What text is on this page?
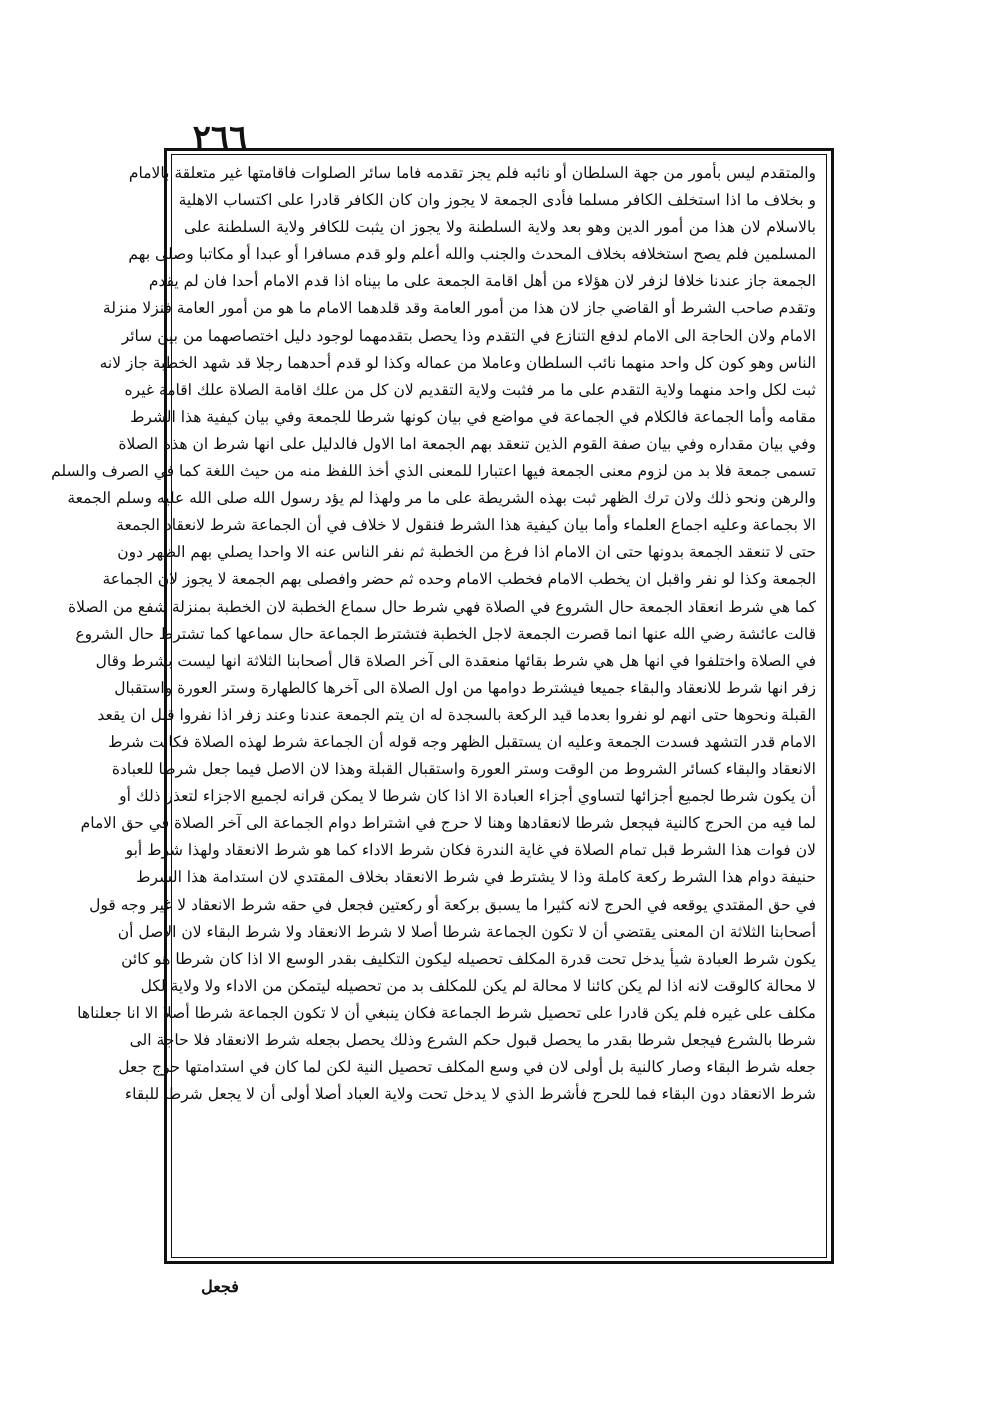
٢٦٦
والمتقدم ليس بأمور من جهة السلطان أو نائبه فلم يجز تقدمه فاما سائر الصلوات فاقامتها غير متعلقة بالامام
و بخلاف ما اذا استخلف الكافر مسلما فأدى الجمعة لا يجوز وان كان الكافر قادرا على اكتساب الاهلية
بالاسلام لان هذا من أمور الدين وهو بعد ولاية السلطنة ولا يجوز ان يثبت للكافر ولاية السلطنة على
المسلمين فلم يصح استخلافه بخلاف المحدث والجنب والله أعلم ولو قدم مسافرا أو عبدا أو مكاتبا وصلى بهم
الجمعة جاز عندنا خلافا لزفر لان هؤلاء من أهل اقامة الجمعة على ما بيناه اذا قدم الامام أحدا فان لم يقدم
وتقدم صاحب الشرط أو القاضي جاز لان هذا من أمور العامة وقد قلدهما الامام ما هو من أمور العامة فنزلا منزلة
الامام ولان الحاجة الى الامام لدفع التنازع في التقدم وذا يحصل بتقدمهما لوجود دليل اختصاصهما من بين سائر
الناس وهو كون كل واحد منهما نائب السلطان وعاملا من عماله وكذا لو قدم أحدهما رجلا قد شهد الخطبة جاز لانه
ثبت لكل واحد منهما ولاية التقدم على ما مر فثبت ولاية التقديم لان كل من علك اقامة الصلاة علك اقامة غيره
مقامه وأما الجماعة فالكلام في الجماعة في مواضع في بيان كونها شرطا للجمعة وفي بيان كيفية هذا الشرط
وفي بيان مقداره وفي بيان صفة القوم الذين تنعقد بهم الجمعة اما الاول فالدليل على انها شرط ان هذه الصلاة
تسمى جمعة فلا بد من لزوم معنى الجمعة فيها اعتبارا للمعنى الذي أخذ اللفظ منه من حيث اللغة كما في الصرف والسلم
والرهن ونحو ذلك ولان ترك الظهر ثبت بهذه الشريطة على ما مر ولهذا لم يؤد رسول الله صلى الله عليه وسلم الجمعة
الا بجماعة وعليه اجماع العلماء وأما بيان كيفية هذا الشرط فنقول لا خلاف في أن الجماعة شرط لانعقاد الجمعة
حتى لا تنعقد الجمعة بدونها حتى ان الامام اذا فرغ من الخطبة ثم نفر الناس عنه الا واحدا يصلي بهم الظهر دون
الجمعة وكذا لو نفر واقبل ان يخطب الامام فخطب الامام وحده ثم حضر وافصلى بهم الجمعة لا يجوز لان الجماعة
كما هي شرط انعقاد الجمعة حال الشروع في الصلاة فهي شرط حال سماع الخطبة لان الخطبة بمنزلة شفع من الصلاة
قالت عائشة رضي الله عنها انما قصرت الجمعة لاجل الخطبة فتشترط الجماعة حال سماعها كما تشترط حال الشروع
في الصلاة واختلفوا في انها هل هي شرط بقائها منعقدة الى آخر الصلاة قال أصحابنا الثلاثة انها ليست بشرط وقال
زفر انها شرط للانعقاد والبقاء جميعا فيشترط دوامها من اول الصلاة الى آخرها كالطهارة وستر العورة واستقبال
القبلة ونحوها حتى انهم لو نفروا بعدما قيد الركعة بالسجدة له ان يتم الجمعة عندنا وعند زفر اذا نفروا قبل ان يقعد
الامام قدر التشهد فسدت الجمعة وعليه ان يستقبل الظهر وجه قوله أن الجماعة شرط لهذه الصلاة فكانت شرط
الانعقاد والبقاء كسائر الشروط من الوقت وستر العورة واستقبال القبلة وهذا لان الاصل فيما جعل شرطا للعبادة
أن يكون شرطا لجميع أجزائها لتساوي أجزاء العبادة الا اذا كان شرطا لا يمكن قرانه لجميع الاجزاء لتعذر ذلك أو
لما فيه من الحرج كالنية فيجعل شرطا لانعقادها وهنا لا حرج في اشتراط دوام الجماعة الى آخر الصلاة في حق الامام
لان فوات هذا الشرط قبل تمام الصلاة في غاية الندرة فكان شرط الاداء كما هو شرط الانعقاد ولهذا شرط أبو
حنيفة دوام هذا الشرط ركعة كاملة وذا لا يشترط في شرط الانعقاد بخلاف المقتدي لان استدامة هذا الشرط
في حق المقتدي يوقعه في الحرج لانه كثيرا ما يسبق بركعة أو ركعتين فجعل في حقه شرط الانعقاد لا غير وجه قول
أصحابنا الثلاثة ان المعنى يقتضي أن لا تكون الجماعة شرطا أصلا لا شرط الانعقاد ولا شرط البقاء لان الاصل أن
يكون شرط العبادة شيأ يدخل تحت قدرة المكلف تحصيله ليكون التكليف بقدر الوسع الا اذا كان شرطا هو كائن
لا محالة كالوقت لانه اذا لم يكن كائنا لا محالة لم يكن للمكلف بد من تحصيله ليتمكن من الاداء ولا ولاية لكل
مكلف على غيره فلم يكن قادرا على تحصيل شرط الجماعة فكان ينبغي أن لا تكون الجماعة شرطا أصلا الا انا جعلناها
شرطا بالشرع فيجعل شرطا بقدر ما يحصل قبول حكم الشرع وذلك يحصل بجعله شرط الانعقاد فلا حاجة الى
جعله شرط البقاء وصار كالنية بل أولى لان في وسع المكلف تحصيل النية لكن لما كان في استدامتها حرج جعل
شرط الانعقاد دون البقاء فما للحرج فأشرط الذي لا يدخل تحت ولاية العباد أصلا أولى أن لا يجعل شرطا للبقاء
فجعل
